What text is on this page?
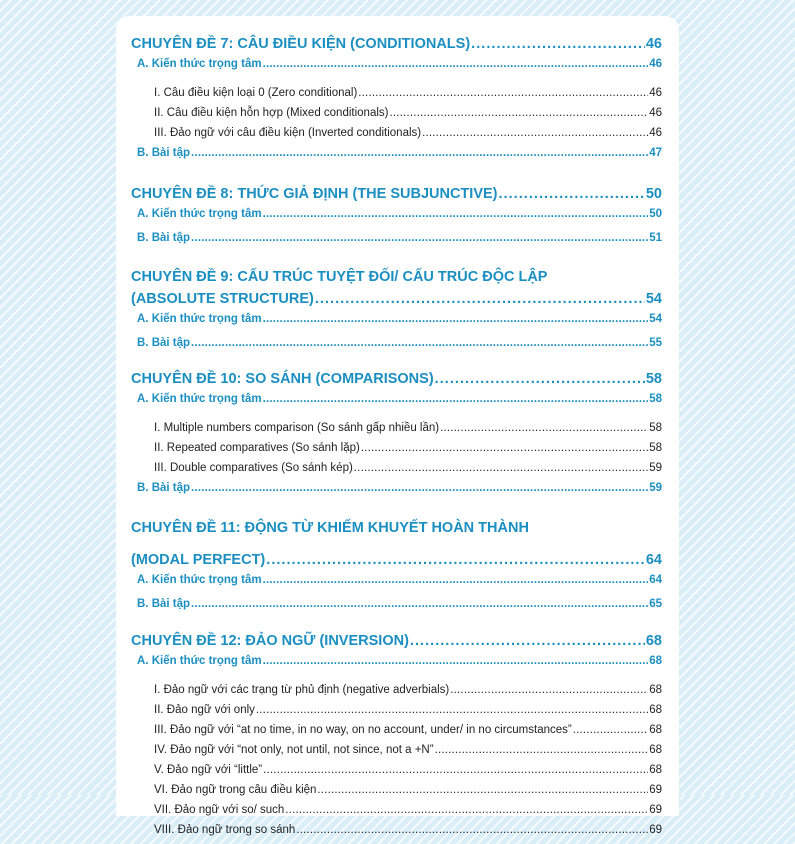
CHUYÊN ĐỀ 7: CÂU ĐIỀU KIỆN (CONDITIONALS) . . .	46
A. Kiến thức trọng tâm . . .	46
I. Câu điều kiện loại 0 (Zero conditional) . . .	46
II. Câu điều kiện hỗn hợp (Mixed conditionals) . . .	46
III. Đảo ngữ với câu điều kiện (Inverted conditionals) . . .	46
B. Bài tập . . .	47
CHUYÊN ĐỀ 8: THỨC GIẢ ĐỊNH (THE SUBJUNCTIVE) . . .	50
A. Kiến thức trọng tâm . . .	50
B. Bài tập . . .	51
CHUYÊN ĐỀ 9: CẤU TRÚC TUYỆT ĐỐI/ CẤU TRÚC ĐỘC LẬP
(ABSOLUTE STRUCTURE) . . .	54
A. Kiến thức trọng tâm . . .	54
B. Bài tập . . .	55
CHUYÊN ĐỀ 10: SO SÁNH (COMPARISONS) . . .	58
A. Kiến thức trọng tâm . . .	58
I. Multiple numbers comparison (So sánh gấp nhiều lần) . . .	58
II. Repeated comparatives (So sánh lặp) . . .	58
III. Double comparatives (So sánh kép) . . .	59
B. Bài tập . . .	59
CHUYÊN ĐỀ 11: ĐỘNG TỪ KHIẾM KHUYẾT HOÀN THÀNH
(MODAL PERFECT) . . .	64
A. Kiến thức trọng tâm . . .	64
B. Bài tập . . .	65
CHUYÊN ĐỀ 12: ĐẢO NGỮ (INVERSION) . . .	68
A. Kiến thức trọng tâm . . .	68
I. Đảo ngữ với các trạng từ phủ định (negative adverbials) . . .	68
II. Đảo ngữ với only . . .	68
III. Đảo ngữ với “at no time, in no way, on no account, under/ in no circumstances” . . .	68
IV. Đảo ngữ với “not only, not until, not since, not a +N” . . .	68
V. Đảo ngữ với “little” . . .	68
VI. Đảo ngữ trong câu điều kiện . . .	69
VII. Đảo ngữ với so/ such . . .	69
VIII. Đảo ngữ trong so sánh . . .	69
